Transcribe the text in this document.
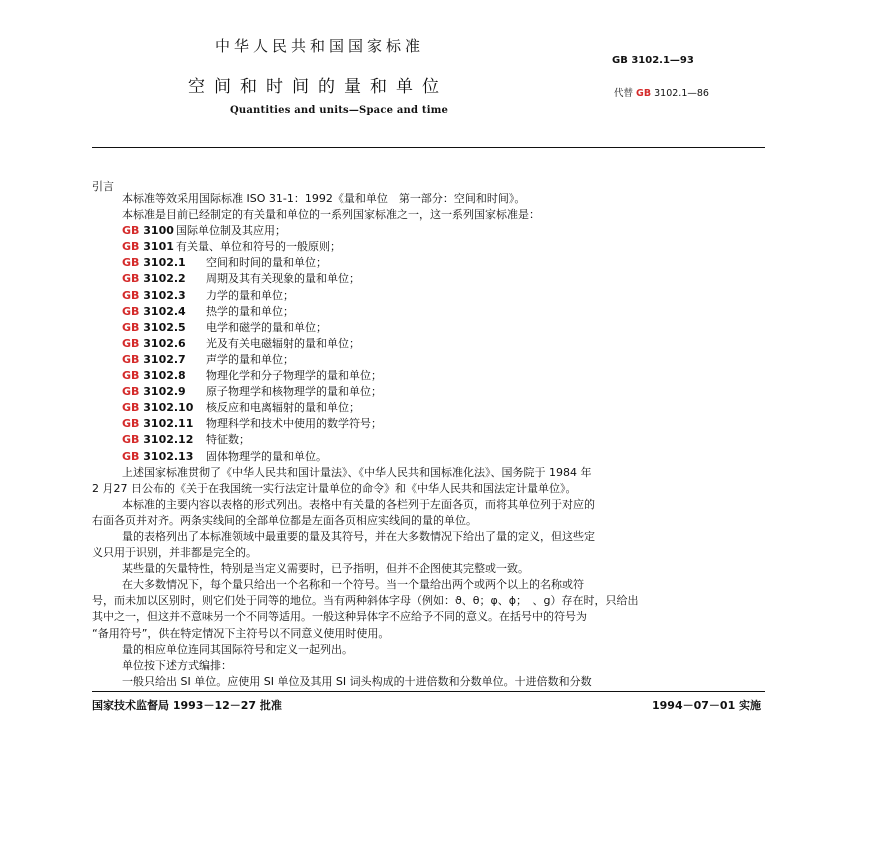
中华人民共和国国家标准
空间和时间的量和单位
Quantities and units—Space and time
GB 3102.1—93
代替 GB 3102.1—86
引言
本标准等效采用国际标准 ISO 31-1：1992《量和单位　第一部分：空间和时间》。
本标准是目前已经制定的有关量和单位的一系列国家标准之一，这一系列国家标准是：
GB 3100 国际单位制及其应用；
GB 3101 有关量、单位和符号的一般原则；
GB 3102.1 空间和时间的量和单位；
GB 3102.2 周期及其有关现象的量和单位；
GB 3102.3 力学的量和单位；
GB 3102.4 热学的量和单位；
GB 3102.5 电学和磁学的量和单位；
GB 3102.6 光及有关电磁辐射的量和单位；
GB 3102.7 声学的量和单位；
GB 3102.8 物理化学和分子物理学的量和单位；
GB 3102.9 原子物理学和核物理学的量和单位；
GB 3102.10 核反应和电离辐射的量和单位；
GB 3102.11 物理科学和技术中使用的数学符号；
GB 3102.12 特征数；
GB 3102.13 固体物理学的量和单位。
上述国家标准贯彻了《中华人民共和国计量法》、《中华人民共和国标准化法》、国务院于 1984 年
2 月27 日公布的《关于在我国统一实行法定计量单位的命令》和《中华人民共和国法定计量单位》。
本标准的主要内容以表格的形式列出。表格中有关量的各栏列于左面各页，而将其单位列于对应的
右面各页并对齐。两条实线间的全部单位都是左面各页相应实线间的量的单位。
量的表格列出了本标准领域中最重要的量及其符号，并在大多数情况下给出了量的定义，但这些定
义只用于识别，并非都是完全的。
某些量的矢量特性，特别是当定义需要时，已予指明，但并不企图使其完整或一致。
在大多数情况下，每个量只给出一个名称和一个符号。当一个量给出两个或两个以上的名称或符
号，而未加以区别时，则它们处于同等的地位。当有两种斜体字母（例如：ϑ、θ；φ、ϕ；　、g）存在时，只给出
其中之一，但这并不意味另一个不同等适用。一般这种异体字不应给予不同的意义。在括号中的符号为
“备用符号”，供在特定情况下主符号以不同意义使用时使用。
量的相应单位连同其国际符号和定义一起列出。
单位按下述方式编排：
一般只给出 SI 单位。应使用 SI 单位及其用 SI 词头构成的十进倍数和分数单位。十进倍数和分数
国家技术监督局 1993－12－27 批准	1994－07－01 实施
